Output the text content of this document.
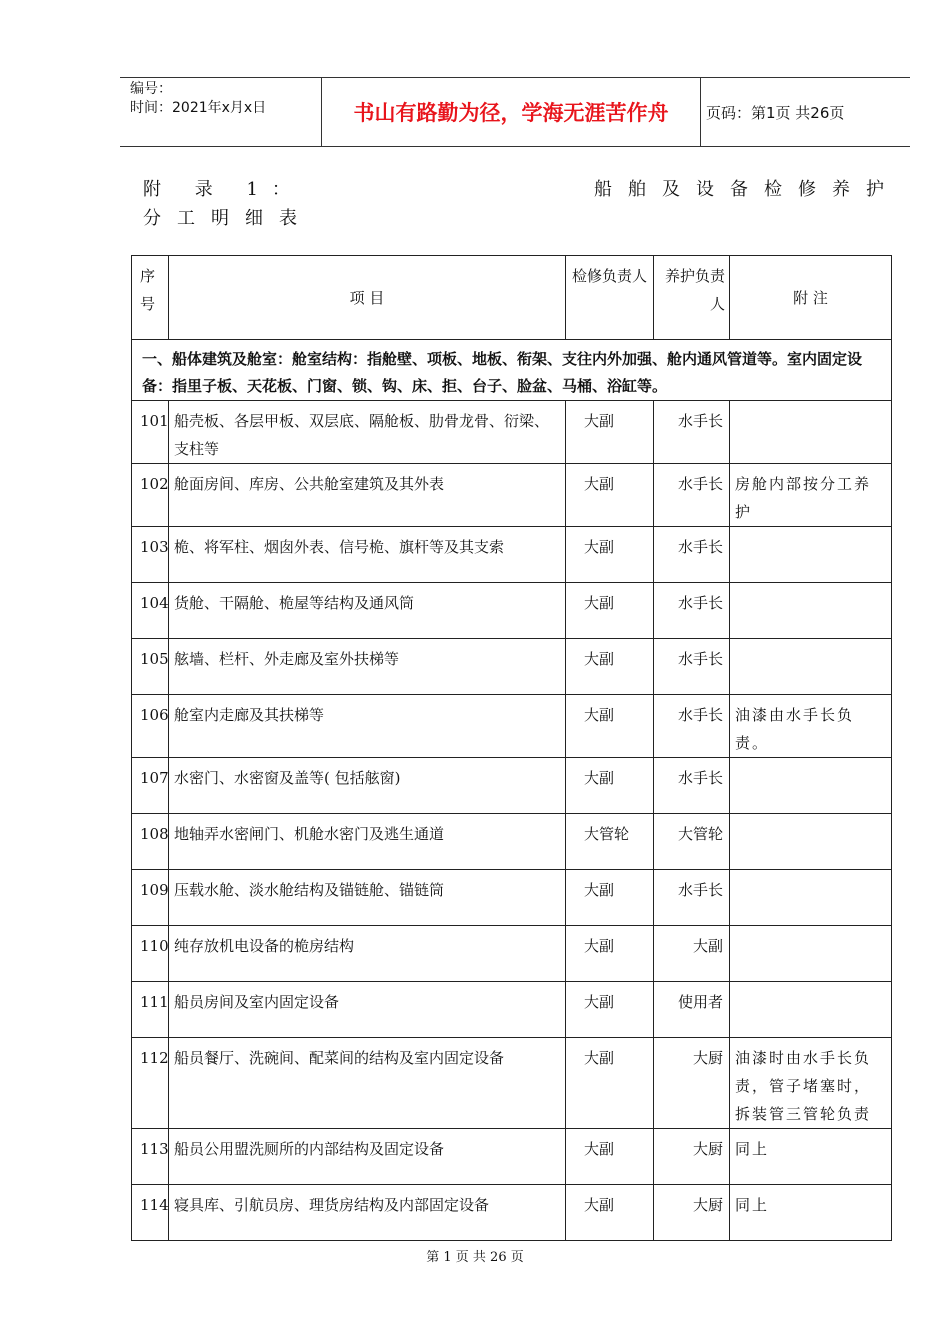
编号：
时间：2021年x月x日	书山有路勤为径，学海无涯苦作舟	页码：第1页 共26页
附 录 1：	船舶及设备检修养护
分工明细表
序号	项 目	检修负责人	养护负责人	附 注
一、船体建筑及舱室：舱室结构：指舱壁、项板、地板、衔架、支往内外加强、舱内通风管道等。室内固定设备：指里子板、天花板、门窗、锁、钩、床、拒、台子、脸盆、马桶、浴缸等。				
101	船壳板、各层甲板、双层底、隔舱板、肋骨龙骨、衍梁、支柱等	大副	水手长	
102	舱面房间、库房、公共舱室建筑及其外表	大副	水手长	房舱内部按分工养护
103	桅、将军柱、烟囱外表、信号桅、旗杆等及其支索	大副	水手长	
104	货舱、干隔舱、桅屋等结构及通风筒	大副	水手长	
105	舷墙、栏杆、外走廊及室外扶梯等	大副	水手长	
106	舱室内走廊及其扶梯等	大副	水手长	油漆由水手长负责。
107	水密门、水密窗及盖等( 包括舷窗)	大副	水手长	
108	地轴弄水密闸门、机舱水密门及逃生通道	大管轮	大管轮	
109	压载水舱、淡水舱结构及锚链舱、锚链筒	大副	水手长	
110	纯存放机电设备的桅房结构	大副	大副	
111	船员房间及室内固定设备	大副	使用者	
112	船员餐厅、洗碗间、配菜间的结构及室内固定设备	大副	大厨	油漆时由水手长负责，管子堵塞时，拆装管三管轮负责
113	船员公用盟洗厕所的内部结构及固定设备	大副	大厨	同上
114	寝具库、引航员房、理货房结构及内部固定设备	大副	大厨	同上
第 1 页 共 26 页
